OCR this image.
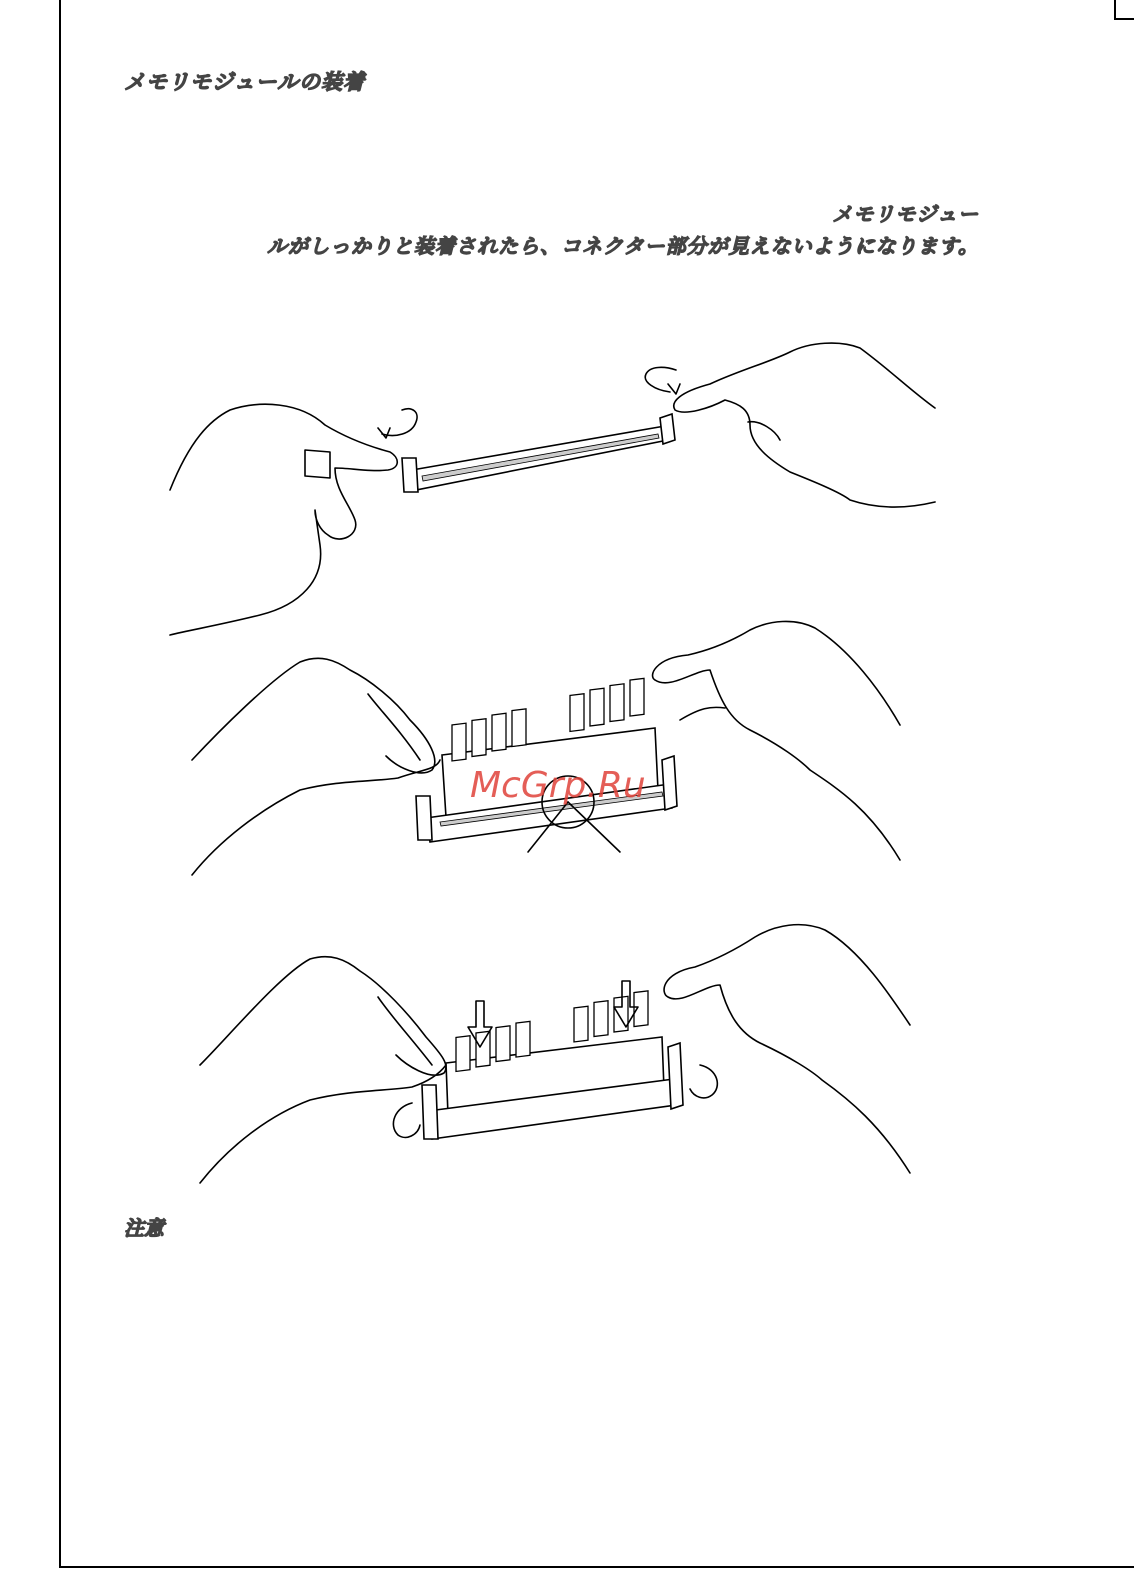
メモリモジュールの装着
メモリモジュー
ルがしっかりと装着されたら、コネクター部分が見えないようになります。
McGrp.Ru
注意
